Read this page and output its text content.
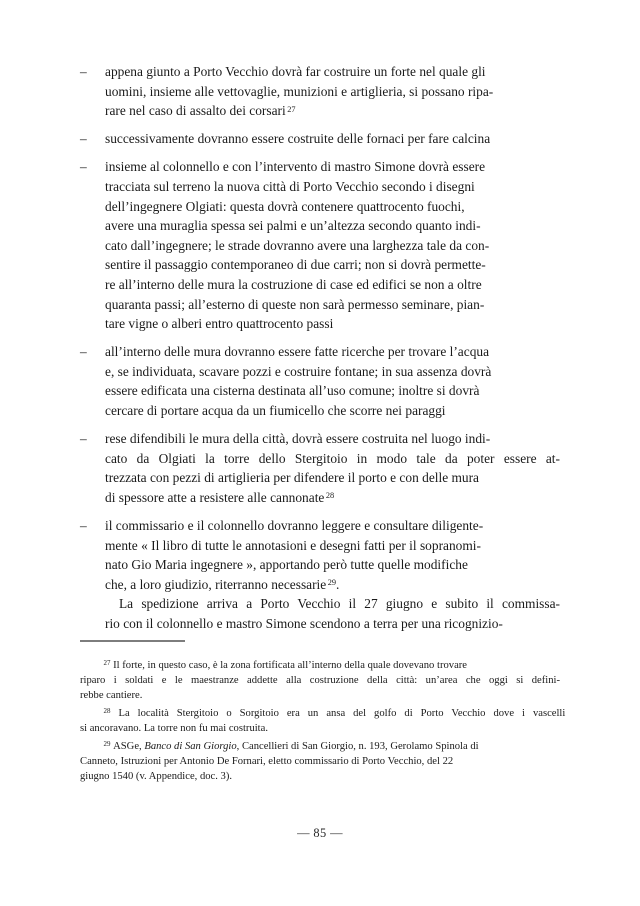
–	appena giunto a Porto Vecchio dovrà far costruire un forte nel quale gli
uomini, insieme alle vettovaglie, munizioni e artiglieria, si possano ripa-
rare nel caso di assalto dei corsari $^{27}$
–	successivamente dovranno essere costruite delle fornaci per fare calcina
–	insieme al colonnello e con l’intervento di mastro Simone dovrà essere
tracciata sul terreno la nuova città di Porto Vecchio secondo i disegni
dell’ingegnere Olgiati: questa dovrà contenere quattrocento fuochi,
avere una muraglia spessa sei palmi e un’altezza secondo quanto indi-
cato dall’ingegnere; le strade dovranno avere una larghezza tale da con-
sentire il passaggio contemporaneo di due carri; non si dovrà permette-
re all’interno delle mura la costruzione di case ed edifici se non a oltre
quaranta passi; all’esterno di queste non sarà permesso seminare, pian-
tare vigne o alberi entro quattrocento passi
–	all’interno delle mura dovranno essere fatte ricerche per trovare l’acqua
e, se individuata, scavare pozzi e costruire fontane; in sua assenza dovrà
essere edificata una cisterna destinata all’uso comune; inoltre si dovrà
cercare di portare acqua da un fiumicello che scorre nei paraggi
–	rese difendibili le mura della città, dovrà essere costruita nel luogo indi-
cato da Olgiati la torre dello Stergitoio in modo tale da poter essere at-
trezzata con pezzi di artiglieria per difendere il porto e con delle mura
di spessore atte a resistere alle cannonate $^{28}$
–	il commissario e il colonnello dovranno leggere e consultare diligente-
mente « Il libro di tutte le annotasioni e desegni fatti per il sopranomi-
nato Gio Maria ingegnere », apportando però tutte quelle modifiche
che, a loro giudizio, riterranno necessarie $^{29}$.

La spedizione arriva a Porto Vecchio il 27 giugno e subito il commissa-
rio con il colonnello e mastro Simone scendono a terra per una ricognizio-

$^{27}$ Il forte, in questo caso, è la zona fortificata all’interno della quale dovevano trovare
riparo i soldati e le maestranze addette alla costruzione della città: un’area che oggi si defini-
rebbe cantiere.

$^{28}$ La località Stergitoio o Sorgitoio era un ansa del golfo di Porto Vecchio dove i vascelli
si ancoravano. La torre non fu mai costruita.

$^{29}$ ASGe, Banco di San Giorgio, Cancellieri di San Giorgio, n. 193, Gerolamo Spinola di
Canneto, Istruzioni per Antonio De Fornari, eletto commissario di Porto Vecchio, del 22
giugno 1540 (v. Appendice, doc. 3).

— 85 —
